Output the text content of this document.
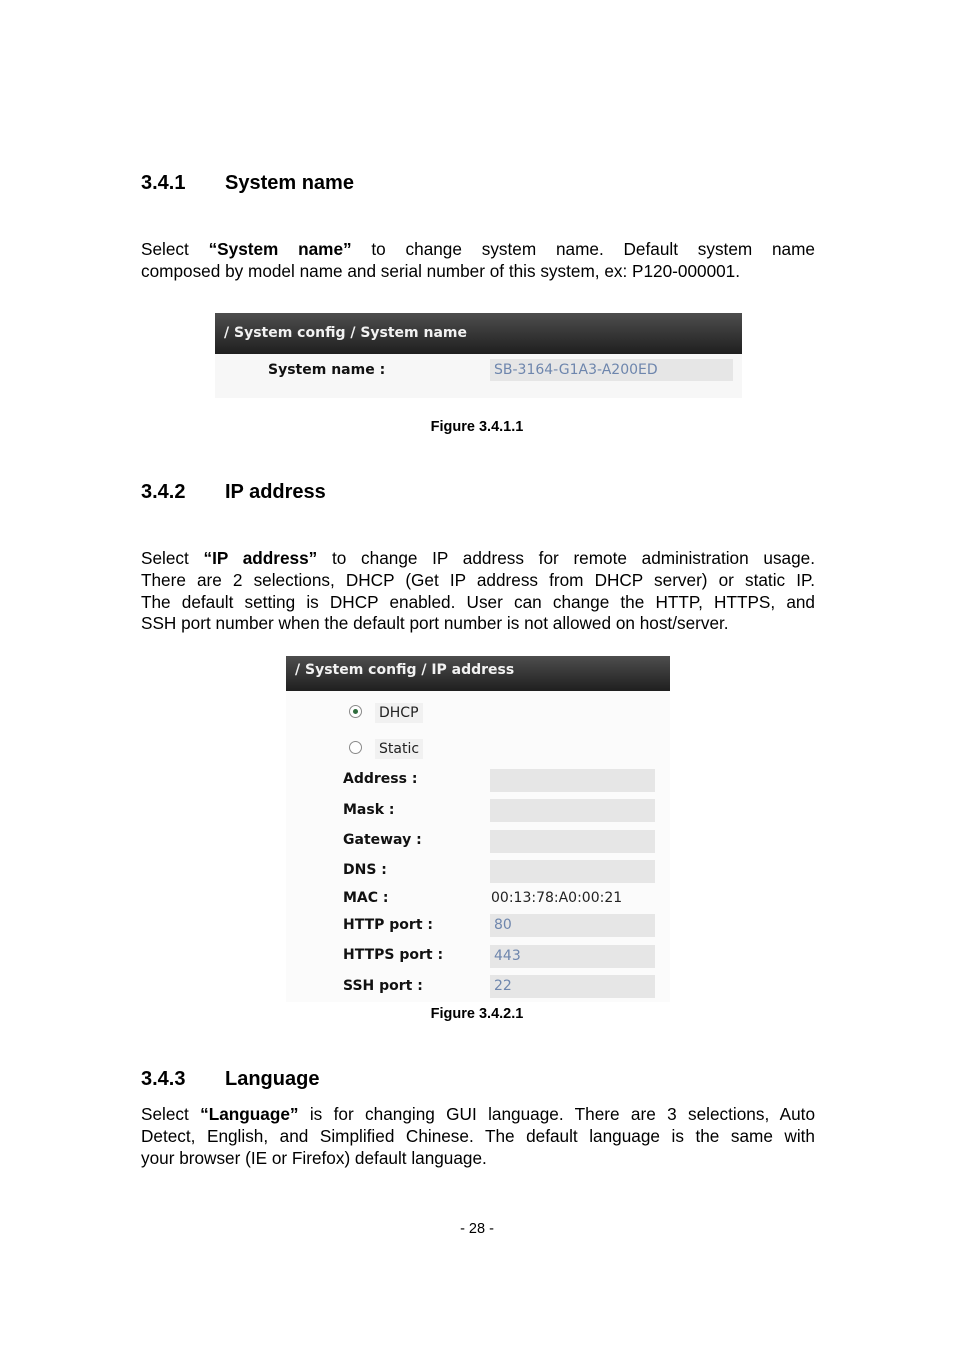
3.4.1 System name
Select “System name” to change system name. Default system name
composed by model name and serial number of this system, ex: P120-000001.
/ System config / System name
System name :	SB-3164-G1A3-A200ED
Figure 3.4.1.1
3.4.2 IP address
Select “IP address” to change IP address for remote administration usage.
There are 2 selections, DHCP (Get IP address from DHCP server) or static IP.
The default setting is DHCP enabled. User can change the HTTP, HTTPS, and
SSH port number when the default port number is not allowed on host/server.
/ System config / IP address
DHCP
Static
Address :
Mask :
Gateway :
DNS :
MAC :	00:13:78:A0:00:21
HTTP port :	80
HTTPS port :	443
SSH port :	22
Figure 3.4.2.1
3.4.3 Language
Select “Language” is for changing GUI language. There are 3 selections, Auto
Detect, English, and Simplified Chinese. The default language is the same with
your browser (IE or Firefox) default language.
- 28 -
